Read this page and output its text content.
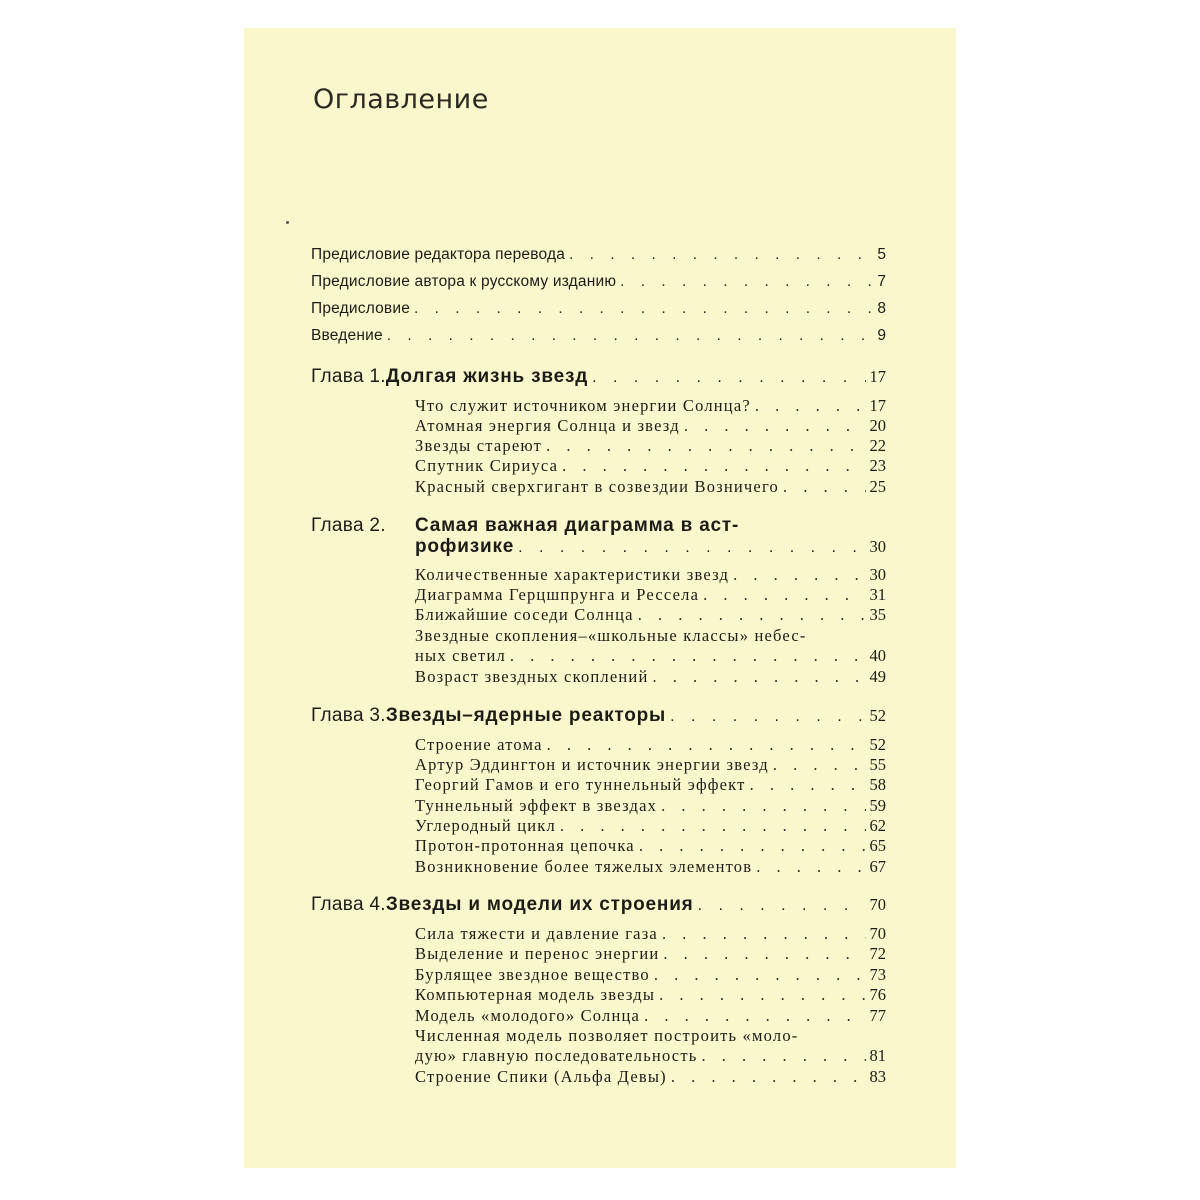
Оглавление
Предисловие редактора перевода . . .	5
Предисловие автора к русскому изданию . . .	7
Предисловие . . .	8
Введение . . .	9
Глава 1. Долгая жизнь звезд . . .	17
Что служит источником энергии Солнца? . . .	17
Атомная энергия Солнца и звезд . . .	20
Звезды стареют . . .	22
Спутник Сириуса . . .	23
Красный сверхгигант в созвездии Возничего . . .	25
Глава 2.	Самая важная диаграмма в аст-
рофизике . . .	30
Количественные характеристики звезд . . .	30
Диаграмма Герцшпрунга и Рессела . . .	31
Ближайшие соседи Солнца . . .	35
Звездные скопления–«школьные классы» небес-
ных светил . . .	40
Возраст звездных скоплений . . .	49
Глава 3. Звезды–ядерные реакторы . . .	52
Строение атома . . .	52
Артур Эддингтон и источник энергии звезд . . .	55
Георгий Гамов и его туннельный эффект . . .	58
Туннельный эффект в звездах . . .	59
Углеродный цикл . . .	62
Протон-протонная цепочка . . .	65
Возникновение более тяжелых элементов . . .	67
Глава 4. Звезды и модели их строения . . .	70
Сила тяжести и давление газа . . .	70
Выделение и перенос энергии . . .	72
Бурлящее звездное вещество . . .	73
Компьютерная модель звезды . . .	76
Модель «молодого» Солнца . . .	77
Численная модель позволяет построить «моло-
дую» главную последовательность . . .	81
Строение Спики (Альфа Девы) . . .	83
